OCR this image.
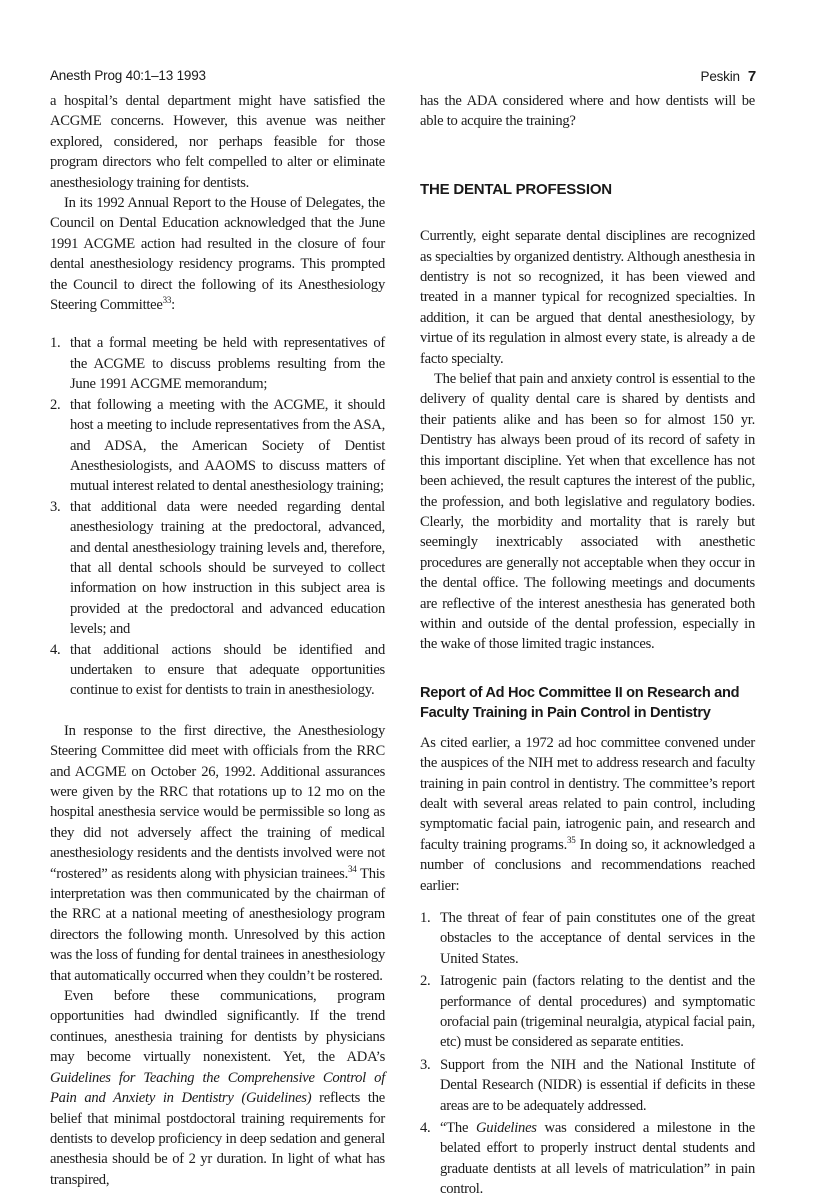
Anesth Prog 40:1–13 1993	Peskin 7

a hospital’s dental department might have satisfied the ACGME concerns. However, this avenue was neither explored, considered, nor perhaps feasible for those program directors who felt compelled to alter or eliminate anesthesiology training for dentists.

In its 1992 Annual Report to the House of Delegates, the Council on Dental Education acknowledged that the June 1991 ACGME action had resulted in the closure of four dental anesthesiology residency programs. This prompted the Council to direct the following of its Anesthesiology Steering Committee$^{33}$:

1. that a formal meeting be held with representatives of the ACGME to discuss problems resulting from the June 1991 ACGME memorandum;
2. that following a meeting with the ACGME, it should host a meeting to include representatives from the ASA, and ADSA, the American Society of Dentist Anesthesiologists, and AAOMS to discuss matters of mutual interest related to dental anesthesiology training;
3. that additional data were needed regarding dental anesthesiology training at the predoctoral, advanced, and dental anesthesiology training levels and, therefore, that all dental schools should be surveyed to collect information on how instruction in this subject area is provided at the predoctoral and advanced education levels; and
4. that additional actions should be identified and undertaken to ensure that adequate opportunities continue to exist for dentists to train in anesthesiology.

In response to the first directive, the Anesthesiology Steering Committee did meet with officials from the RRC and ACGME on October 26, 1992. Additional assurances were given by the RRC that rotations up to 12 mo on the hospital anesthesia service would be permissible so long as they did not adversely affect the training of medical anesthesiology residents and the dentists involved were not “rostered” as residents along with physician trainees.$^{34}$ This interpretation was then communicated by the chairman of the RRC at a national meeting of anesthesiology program directors the following month. Unresolved by this action was the loss of funding for dental trainees in anesthesiology that automatically occurred when they couldn’t be rostered.

Even before these communications, program opportunities had dwindled significantly. If the trend continues, anesthesia training for dentists by physicians may become virtually nonexistent. Yet, the ADA’s Guidelines for Teaching the Comprehensive Control of Pain and Anxiety in Dentistry (Guidelines) reflects the belief that minimal postdoctoral training requirements for dentists to develop proficiency in deep sedation and general anesthesia should be of 2 yr duration. In light of what has transpired,

has the ADA considered where and how dentists will be able to acquire the training?

THE DENTAL PROFESSION

Currently, eight separate dental disciplines are recognized as specialties by organized dentistry. Although anesthesia in dentistry is not so recognized, it has been viewed and treated in a manner typical for recognized specialties. In addition, it can be argued that dental anesthesiology, by virtue of its regulation in almost every state, is already a de facto specialty.

The belief that pain and anxiety control is essential to the delivery of quality dental care is shared by dentists and their patients alike and has been so for almost 150 yr. Dentistry has always been proud of its record of safety in this important discipline. Yet when that excellence has not been achieved, the result captures the interest of the public, the profession, and both legislative and regulatory bodies. Clearly, the morbidity and mortality that is rarely but seemingly inextricably associated with anesthetic procedures are generally not acceptable when they occur in the dental office. The following meetings and documents are reflective of the interest anesthesia has generated both within and outside of the dental profession, especially in the wake of those limited tragic instances.

Report of Ad Hoc Committee II on Research and Faculty Training in Pain Control in Dentistry

As cited earlier, a 1972 ad hoc committee convened under the auspices of the NIH met to address research and faculty training in pain control in dentistry. The committee’s report dealt with several areas related to pain control, including symptomatic facial pain, iatrogenic pain, and research and faculty training programs.$^{35}$ In doing so, it acknowledged a number of conclusions and recommendations reached earlier:

1. The threat of fear of pain constitutes one of the great obstacles to the acceptance of dental services in the United States.
2. Iatrogenic pain (factors relating to the dentist and the performance of dental procedures) and symptomatic orofacial pain (trigeminal neuralgia, atypical facial pain, etc) must be considered as separate entities.
3. Support from the NIH and the National Institute of Dental Research (NIDR) is essential if deficits in these areas are to be adequately addressed.
4. “The Guidelines was considered a milestone in the belated effort to properly instruct dental students and graduate dentists at all levels of matriculation” in pain control.
